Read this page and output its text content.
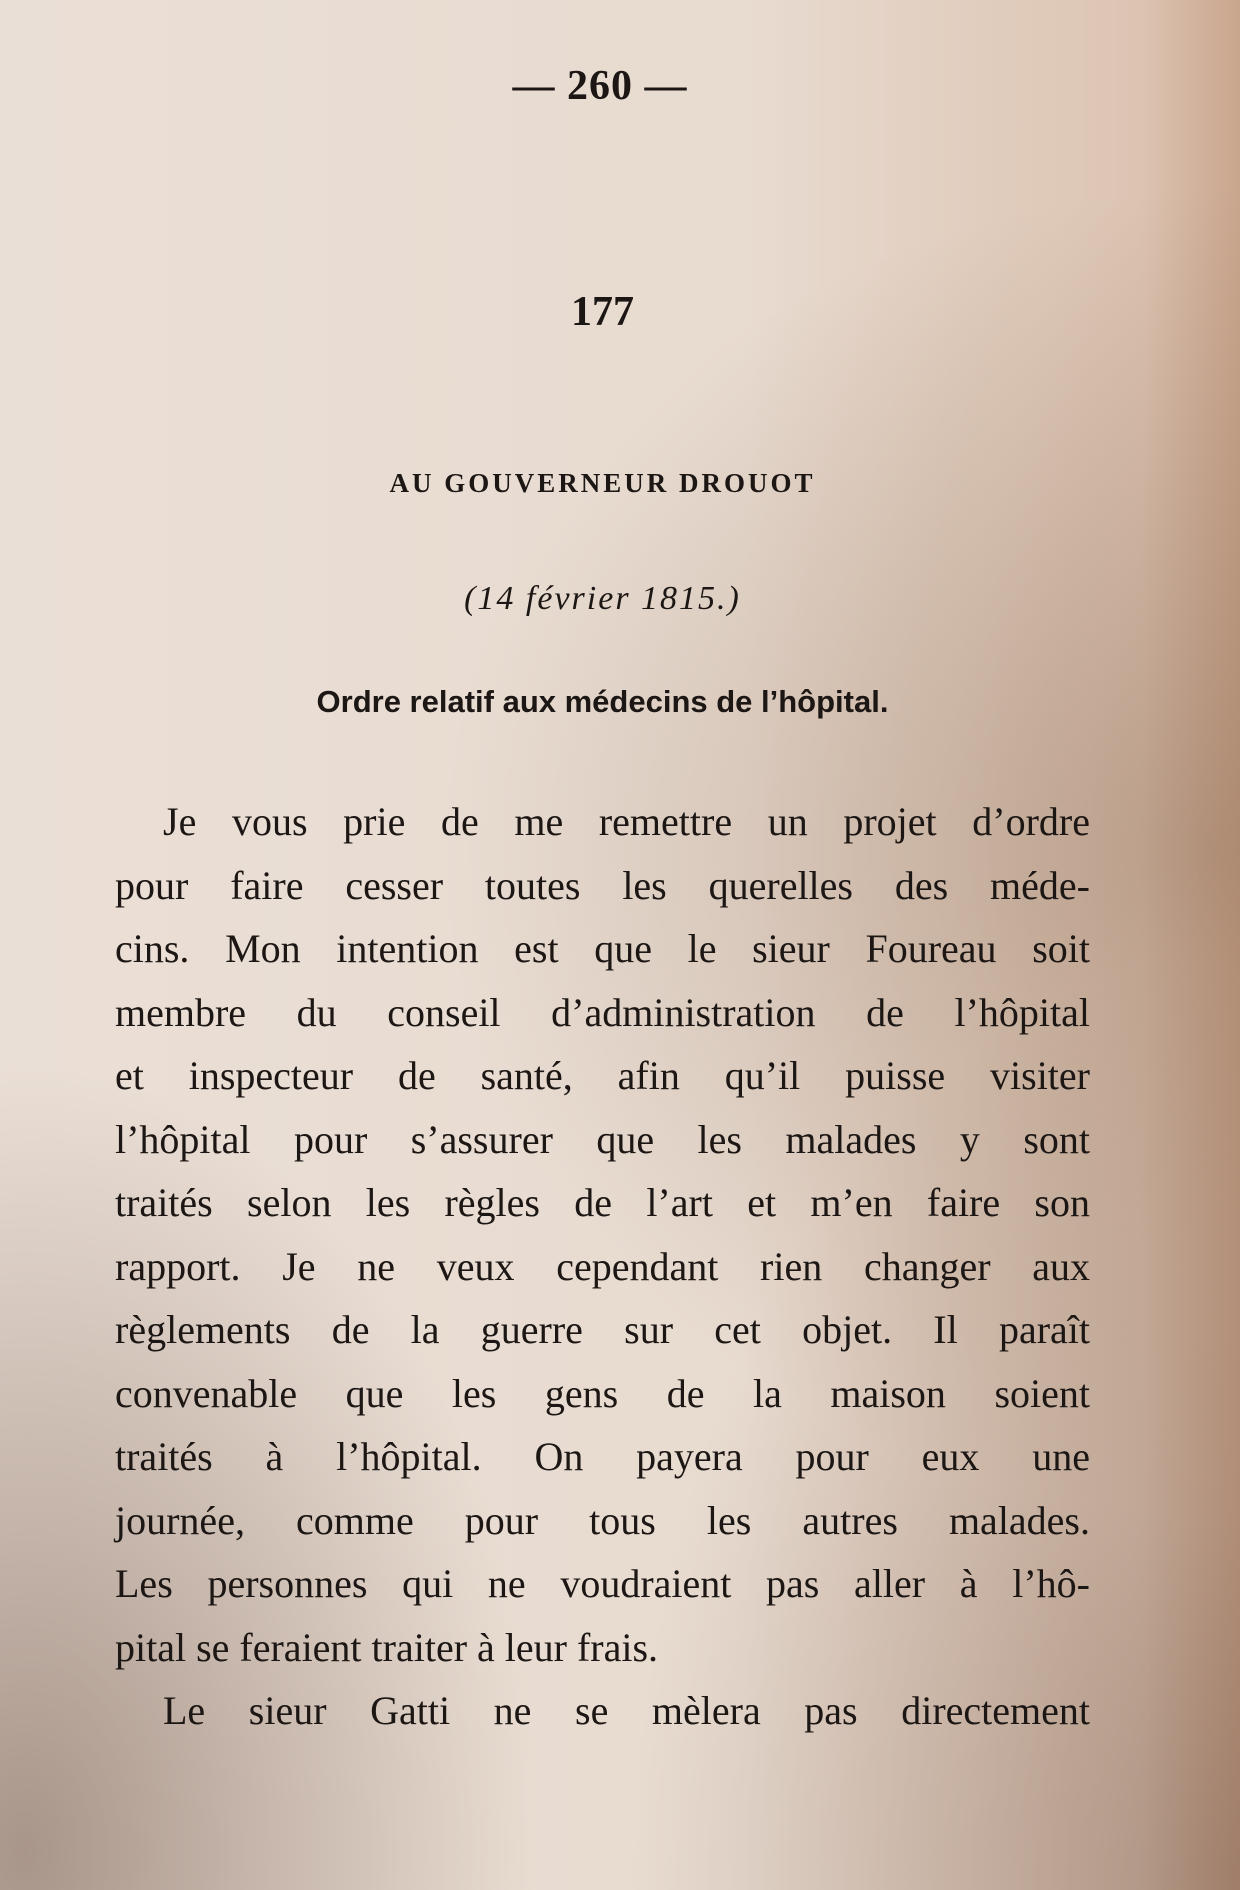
— 260 —
177
AU GOUVERNEUR DROUOT
(14 février 1815.)
Ordre relatif aux médecins de l’hôpital.
Je vous prie de me remettre un projet d’ordre
pour faire cesser toutes les querelles des méde-
cins. Mon intention est que le sieur Foureau soit
membre du conseil d’administration de l’hôpital
et inspecteur de santé, afin qu’il puisse visiter
l’hôpital pour s’assurer que les malades y sont
traités selon les règles de l’art et m’en faire son
rapport. Je ne veux cependant rien changer aux
règlements de la guerre sur cet objet. Il paraît
convenable que les gens de la maison soient
traités à l’hôpital. On payera pour eux une
journée, comme pour tous les autres malades.
Les personnes qui ne voudraient pas aller à l’hô-
pital se feraient traiter à leur frais.
Le sieur Gatti ne se mèlera pas directement
